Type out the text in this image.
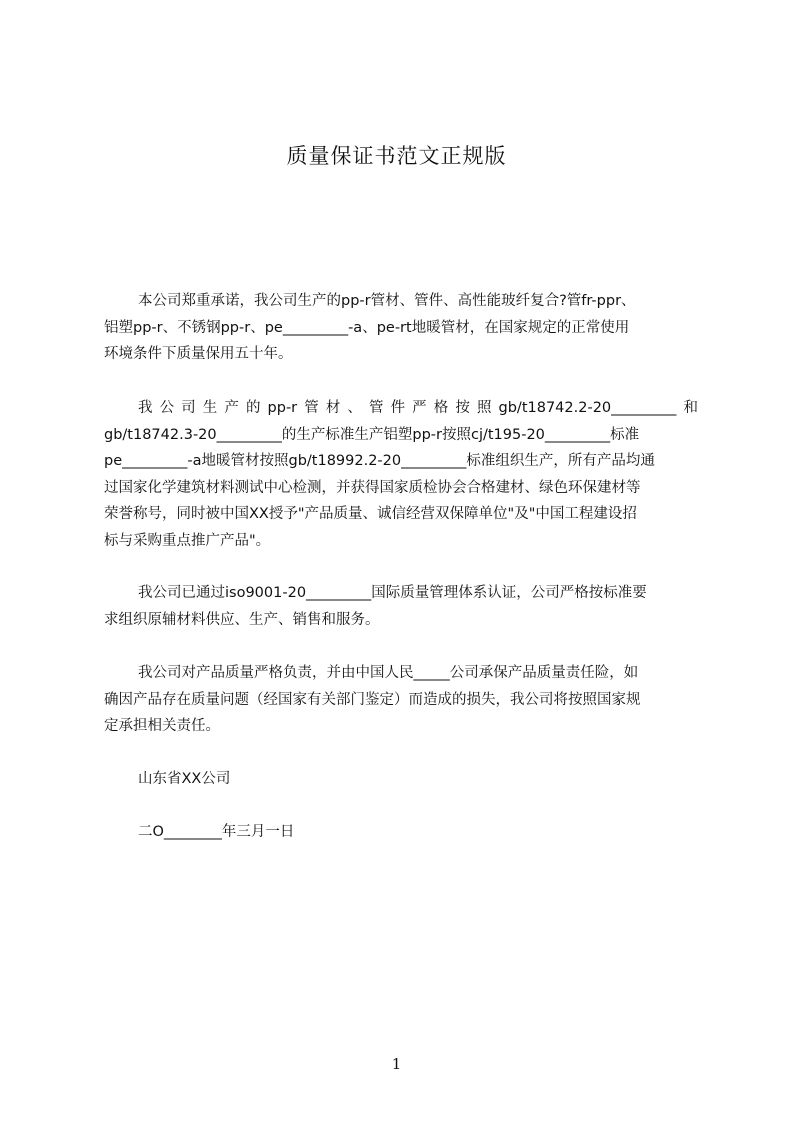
质量保证书范文正规版
本公司郑重承诺，我公司生产的pp-r管材、管件、高性能玻纤复合?管fr-ppr、
铝塑pp-r、不锈钢pp-r、pe_________-a、pe-rt地暖管材，在国家规定的正常使用
环境条件下质量保用五十年。
我公司生产的pp-r管材、管件严格按照gb/t18742.2-20_________和
gb/t18742.3-20_________的生产标准生产铝塑pp-r按照cj/t195-20_________标准
pe_________-a地暖管材按照gb/t18992.2-20_________标准组织生产，所有产品均通
过国家化学建筑材料测试中心检测，并获得国家质检协会合格建材、绿色环保建材等
荣誉称号，同时被中国XX授予"产品质量、诚信经营双保障单位"及"中国工程建设招
标与采购重点推广产品"。
我公司已通过iso9001-20_________国际质量管理体系认证，公司严格按标准要
求组织原辅材料供应、生产、销售和服务。
我公司对产品质量严格负责，并由中国人民_____公司承保产品质量责任险，如
确因产品存在质量问题（经国家有关部门鉴定）而造成的损失，我公司将按照国家规
定承担相关责任。
山东省XX公司
二O________年三月一日
1
